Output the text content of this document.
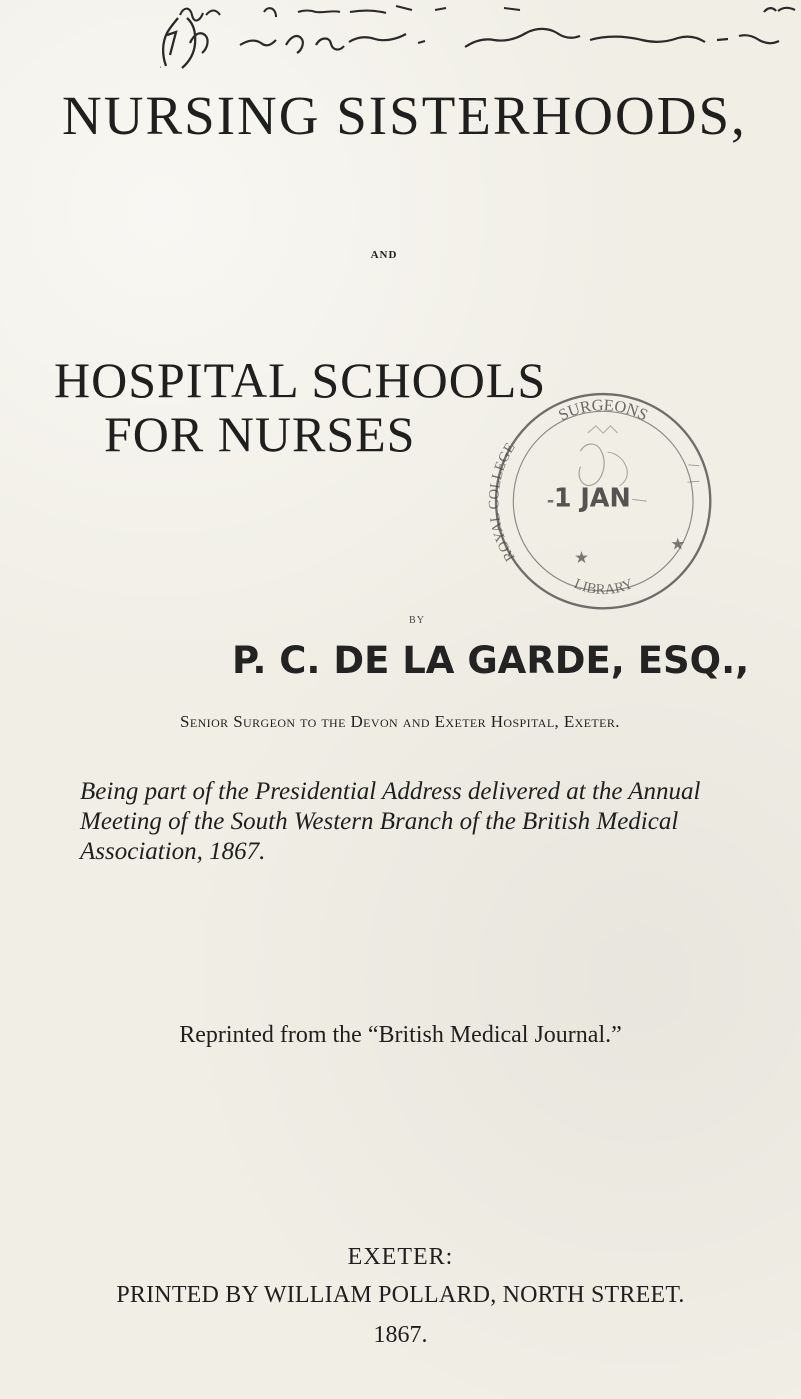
NURSING SISTERHOODS,
AND
HOSPITAL SCHOOLS
FOR NURSES
1 JAN
-
SURGEONS
ROYAL COLLEGE
LIBRARY
★
★
BY
P. C. DE LA GARDE, ESQ.,
Senior Surgeon to the Devon and Exeter Hospital, Exeter.
Being part of the Presidential Address delivered at the Annual Meeting of the South Western Branch of the British Medical Association, 1867.
Reprinted from the “British Medical Journal.”
EXETER:
PRINTED BY WILLIAM POLLARD, NORTH STREET.
1867.
